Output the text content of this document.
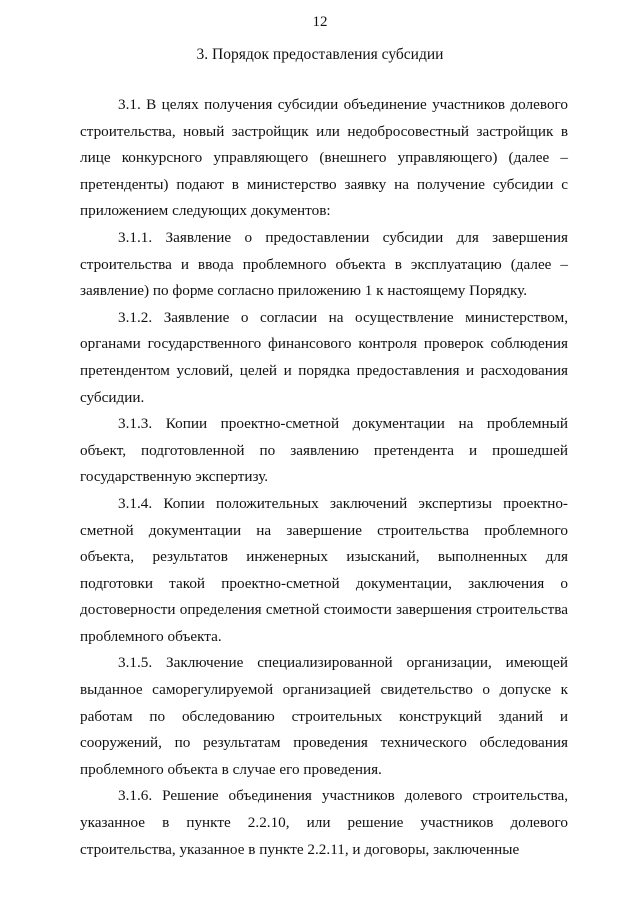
12
3. Порядок предоставления субсидии

3.1. В целях получения субсидии объединение участников долевого строительства, новый застройщик или недобросовестный застройщик в лице конкурсного управляющего (внешнего управляющего) (далее – претенденты) подают в министерство заявку на получение субсидии с приложением следующих документов:

3.1.1. Заявление о предоставлении субсидии для завершения строительства и ввода проблемного объекта в эксплуатацию (далее – заявление) по форме согласно приложению 1 к настоящему Порядку.

3.1.2. Заявление о согласии на осуществление министерством, органами государственного финансового контроля проверок соблюдения претендентом условий, целей и порядка предоставления и расходования субсидии.

3.1.3. Копии проектно-сметной документации на проблемный объект, подготовленной по заявлению претендента и прошедшей государственную экспертизу.

3.1.4. Копии положительных заключений экспертизы проектно-сметной документации на завершение строительства проблемного объекта, результатов инженерных изысканий, выполненных для подготовки такой проектно-сметной документации, заключения о достоверности определения сметной стоимости завершения строительства проблемного объекта.

3.1.5. Заключение специализированной организации, имеющей выданное саморегулируемой организацией свидетельство о допуске к работам по обследованию строительных конструкций зданий и сооружений, по результатам проведения технического обследования проблемного объекта в случае его проведения.

3.1.6. Решение объединения участников долевого строительства, указанное в пункте 2.2.10, или решение участников долевого строительства, указанное в пункте 2.2.11, и договоры, заключенные
